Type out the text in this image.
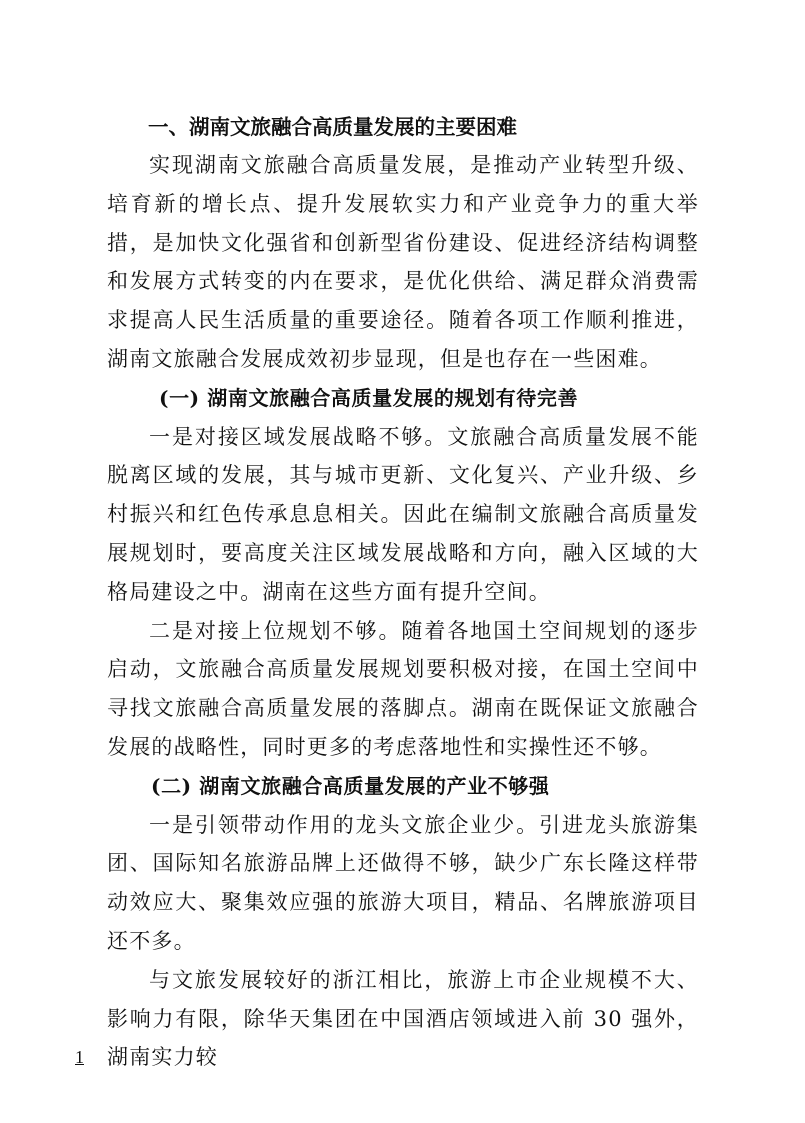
一、湖南文旅融合高质量发展的主要困难

实现湖南文旅融合高质量发展，是推动产业转型升级、培育新的增长点、提升发展软实力和产业竞争力的重大举措，是加快文化强省和创新型省份建设、促进经济结构调整和发展方式转变的内在要求，是优化供给、满足群众消费需求提高人民生活质量的重要途径。随着各项工作顺利推进，湖南文旅融合发展成效初步显现，但是也存在一些困难。

(一) 湖南文旅融合高质量发展的规划有待完善

一是对接区域发展战略不够。文旅融合高质量发展不能脱离区域的发展，其与城市更新、文化复兴、产业升级、乡村振兴和红色传承息息相关。因此在编制文旅融合高质量发展规划时，要高度关注区域发展战略和方向，融入区域的大格局建设之中。湖南在这些方面有提升空间。

二是对接上位规划不够。随着各地国土空间规划的逐步启动，文旅融合高质量发展规划要积极对接，在国土空间中寻找文旅融合高质量发展的落脚点。湖南在既保证文旅融合发展的战略性，同时更多的考虑落地性和实操性还不够。

(二) 湖南文旅融合高质量发展的产业不够强

一是引领带动作用的龙头文旅企业少。引进龙头旅游集团、国际知名旅游品牌上还做得不够，缺少广东长隆这样带动效应大、聚集效应强的旅游大项目，精品、名牌旅游项目还不多。

与文旅发展较好的浙江相比，旅游上市企业规模不大、影响力有限，除华天集团在中国酒店领域进入前 30 强外，湖南实力较

1
